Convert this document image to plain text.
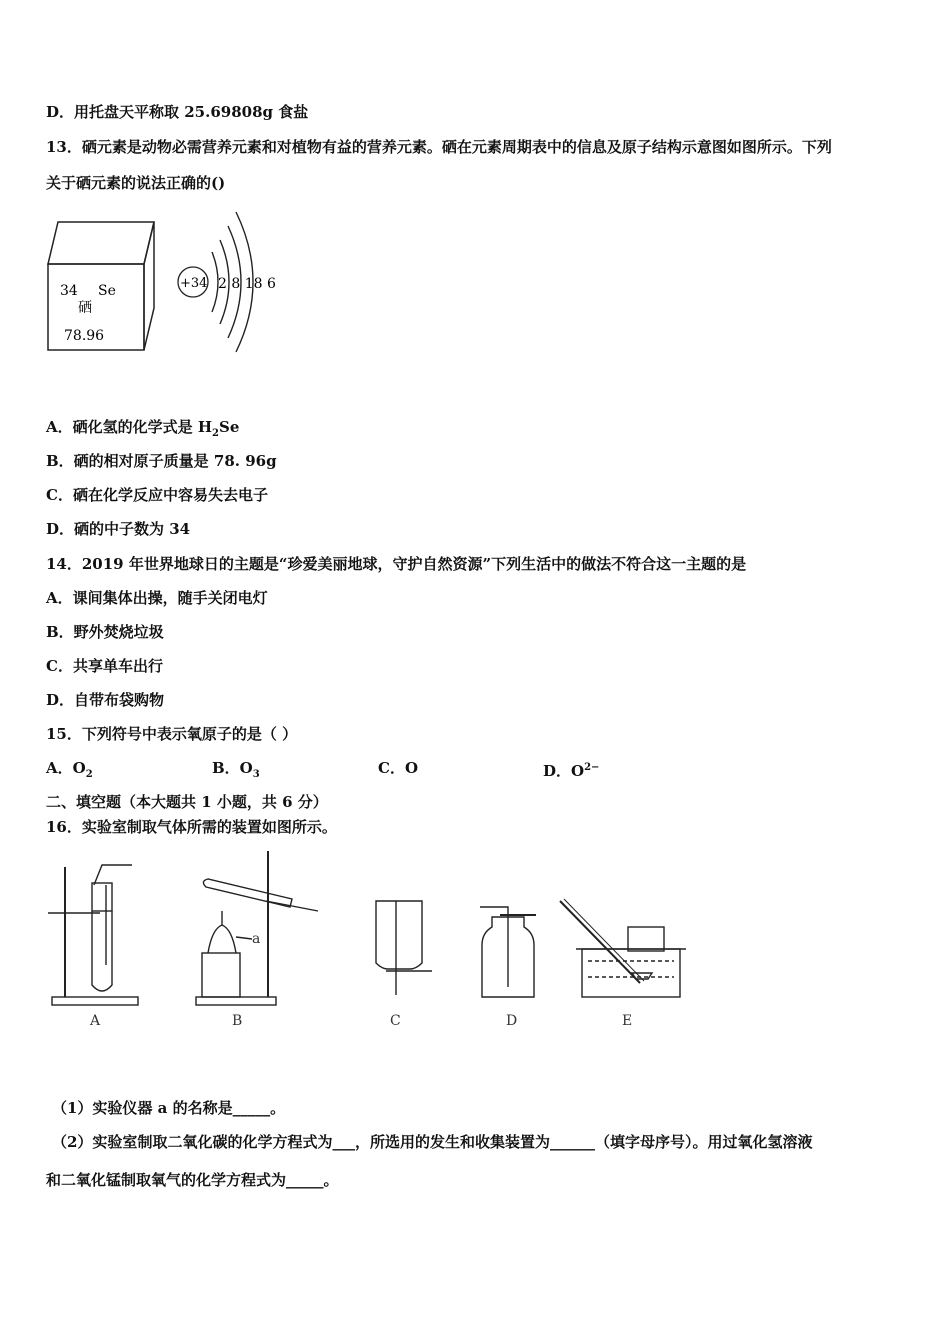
D．用托盘天平称取 25.69808g 食盐
13．硒元素是动物必需营养元素和对植物有益的营养元素。硒在元素周期表中的信息及原子结构示意图如图所示。下列
关于硒元素的说法正确的()
34 Se
硒
78.96
+34 2 8 18 6
A．硒化氢的化学式是 $H_2Se$
B．硒的相对原子质量是 78. 96g
C．硒在化学反应中容易失去电子
D．硒的中子数为 34
14．2019 年世界地球日的主题是“珍爱美丽地球，守护自然资源”下列生活中的做法不符合这一主题的是
A．课间集体出操，随手关闭电灯
B．野外焚烧垃圾
C．共享单车出行
D．自带布袋购物
15．下列符号中表示氧原子的是（ ）
A．$O_2$	B．$O_3$	C．O	D．$O^{2-}$
二、填空题（本大题共 1 小题，共 6 分）
16．实验室制取气体所需的装置如图所示。
A
a
B	C	D	E
（1）实验仪器 a 的名称是_____。
（2）实验室制取二氧化碳的化学方程式为___，所选用的发生和收集装置为______（填字母序号）。用过氧化氢溶液
和二氧化锰制取氧气的化学方程式为_____。
